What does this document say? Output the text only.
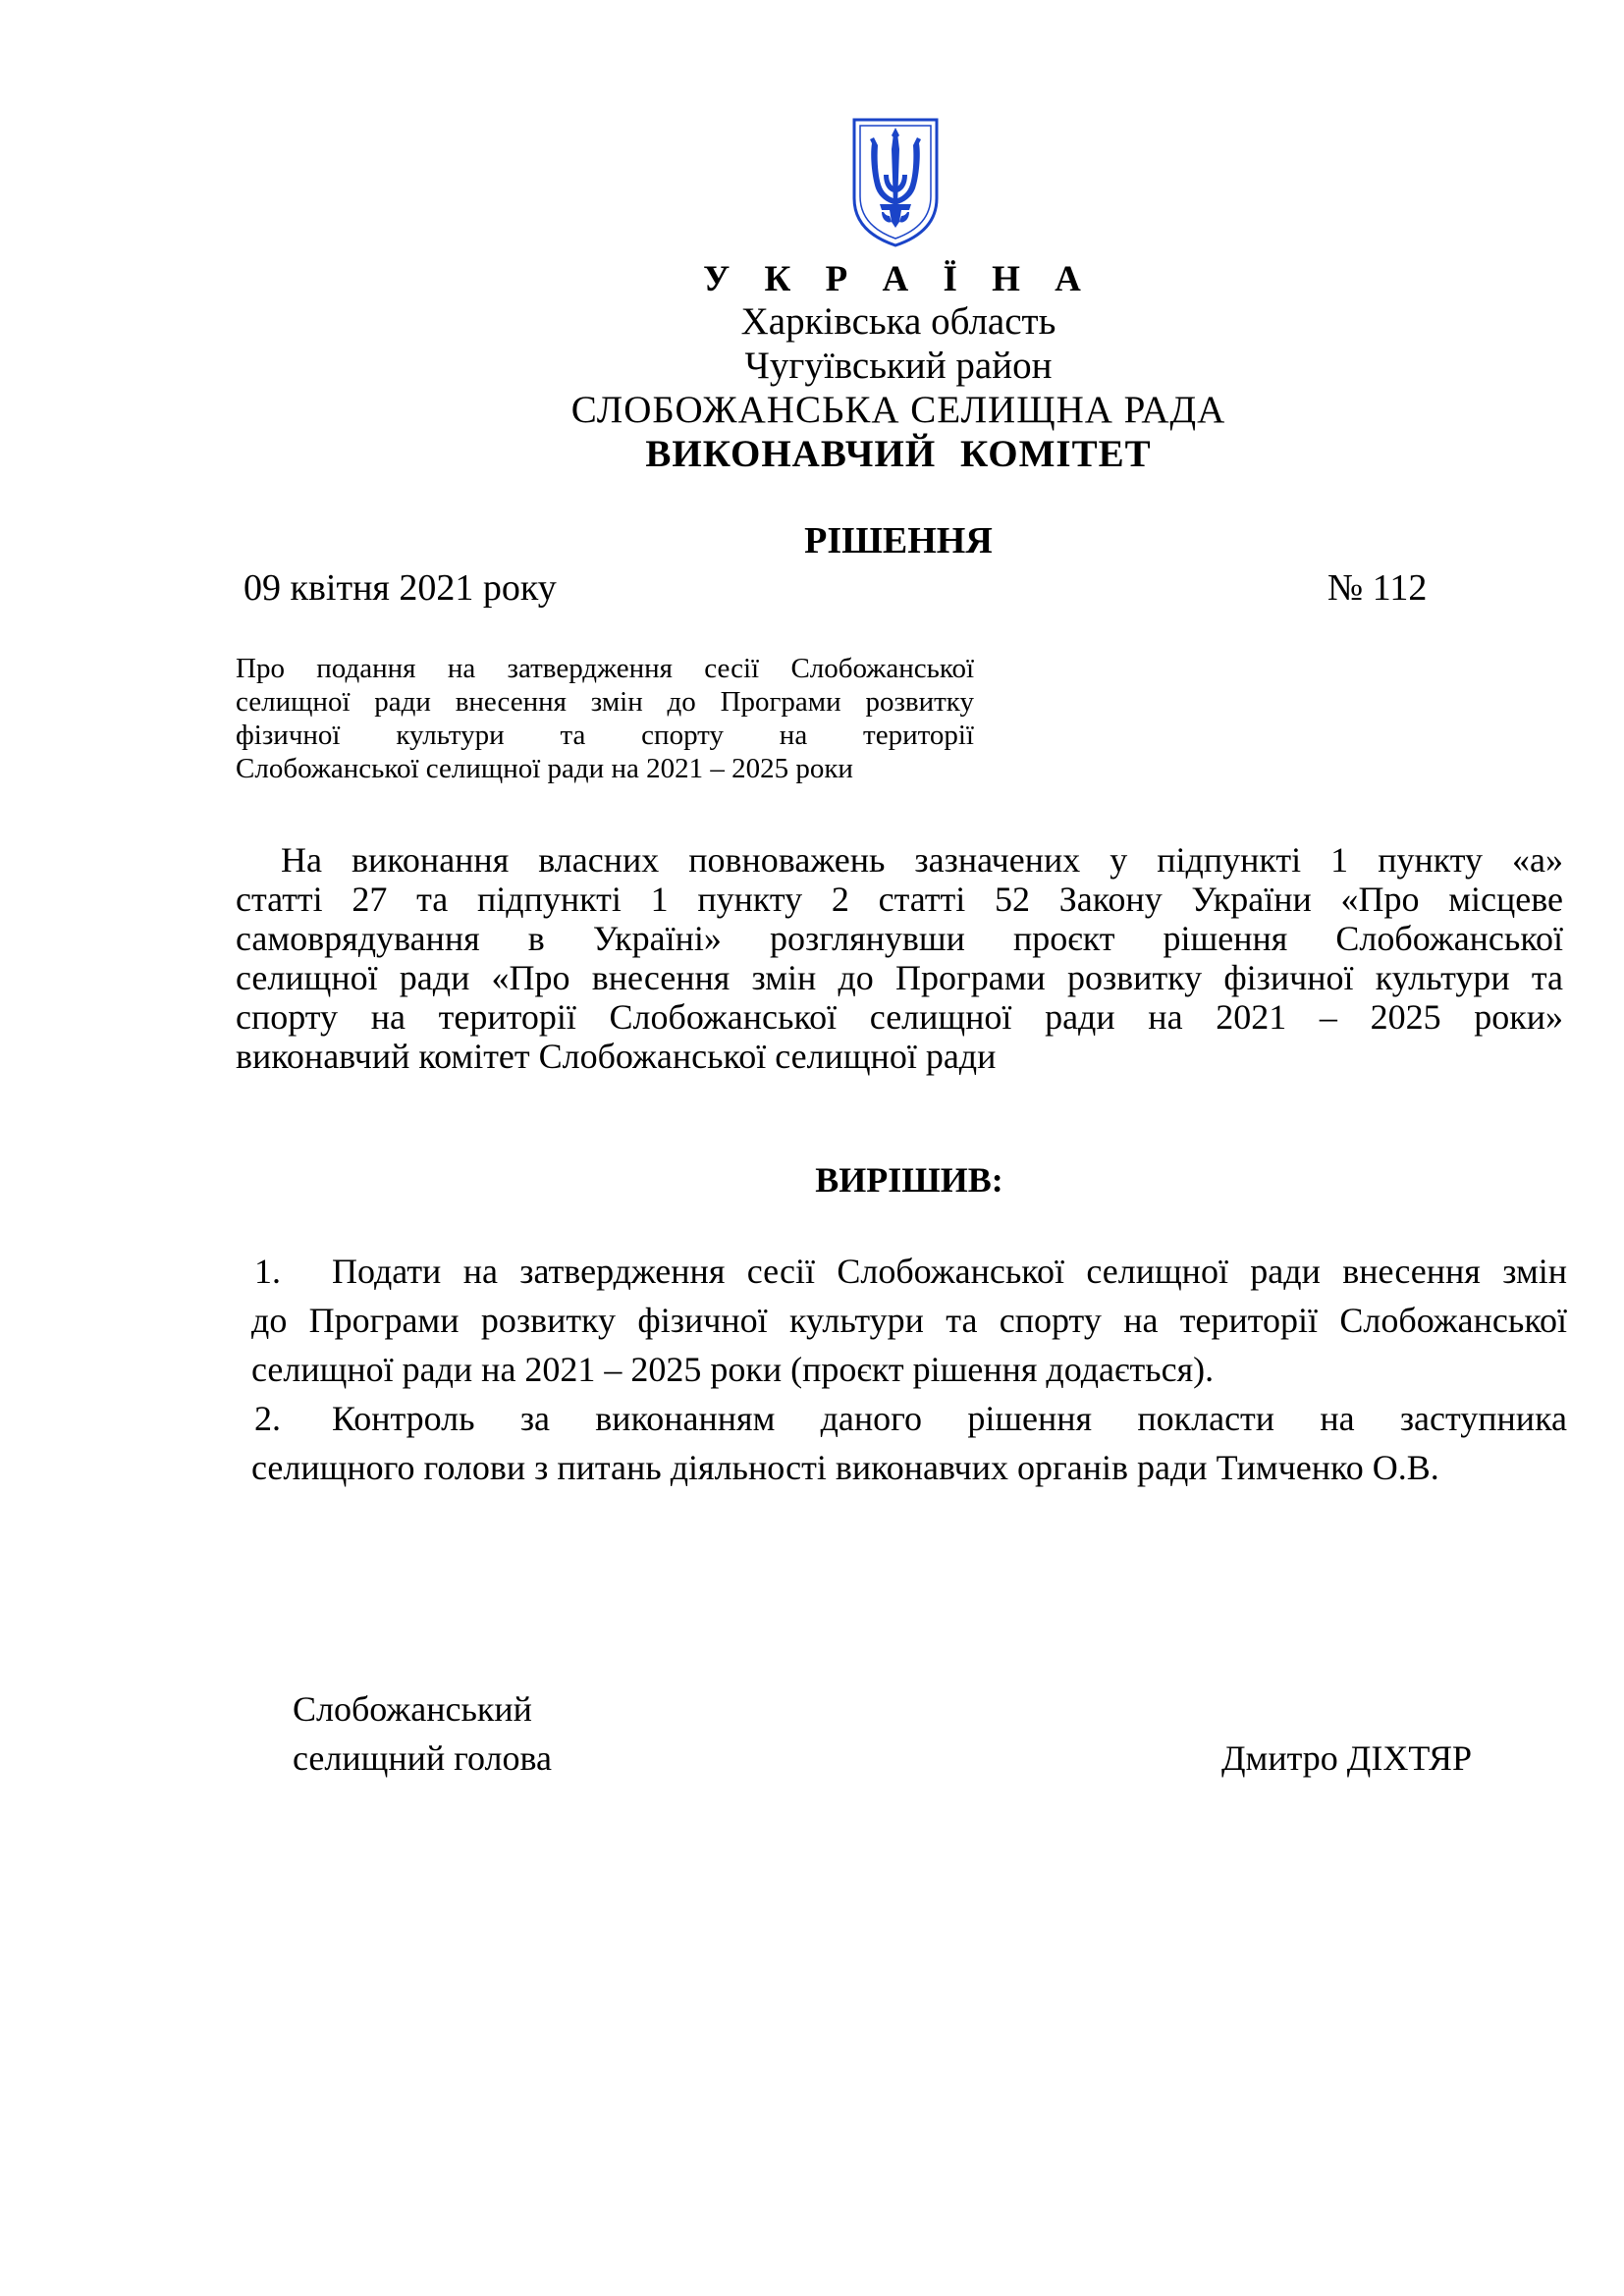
У К Р А Ї Н А
Харківська область
Чугуївський район
СЛОБОЖАНСЬКА СЕЛИЩНА РАДА
ВИКОНАВЧИЙ КОМІТЕТ
РІШЕННЯ
09 квітня 2021 року	№ 112
Про подання на затвердження сесії Слобожанської
селищної ради внесення змін до Програми розвитку
фізичної культури та спорту на території
Слобожанської селищної ради на 2021 – 2025 роки
На виконання власних повноважень зазначених у підпункті 1 пункту «а»
статті 27 та підпункті 1 пункту 2 статті 52 Закону України «Про місцеве
самоврядування в Україні» розглянувши проєкт рішення Слобожанської
селищної ради «Про внесення змін до Програми розвитку фізичної культури та
спорту на території Слобожанської селищної ради на 2021 – 2025 роки»
виконавчий комітет Слобожанської селищної ради
ВИРІШИВ:
1.	Подати на затвердження сесії Слобожанської селищної ради внесення змін
до Програми розвитку фізичної культури та спорту на території Слобожанської
селищної ради на 2021 – 2025 роки (проєкт рішення додається).
2.	Контроль за виконанням даного рішення покласти на заступника
селищного голови з питань діяльності виконавчих органів ради Тимченко О.В.
Слобожанський
селищний голова	Дмитро ДІХТЯР
